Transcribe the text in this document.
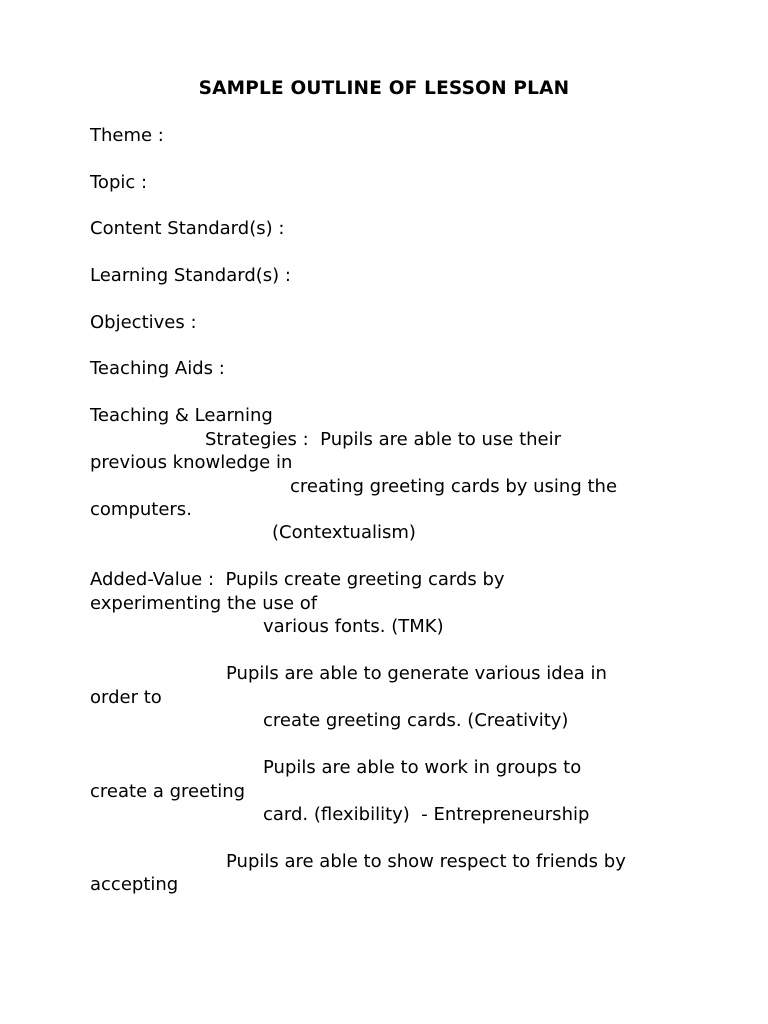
SAMPLE OUTLINE OF LESSON PLAN

Theme :

Topic :

Content Standard(s) :

Learning Standard(s) :

Objectives :

Teaching Aids :

Teaching & Learning

Strategies :  Pupils are able to use their

previous knowledge in

creating greeting cards by using the

computers.

(Contextualism)

Added-Value :  Pupils create greeting cards by

experimenting the use of

various fonts. (TMK)

Pupils are able to generate various idea in

order to

create greeting cards. (Creativity)

Pupils are able to work in groups to

create a greeting

card. (flexibility)  - Entrepreneurship

Pupils are able to show respect to friends by

accepting
